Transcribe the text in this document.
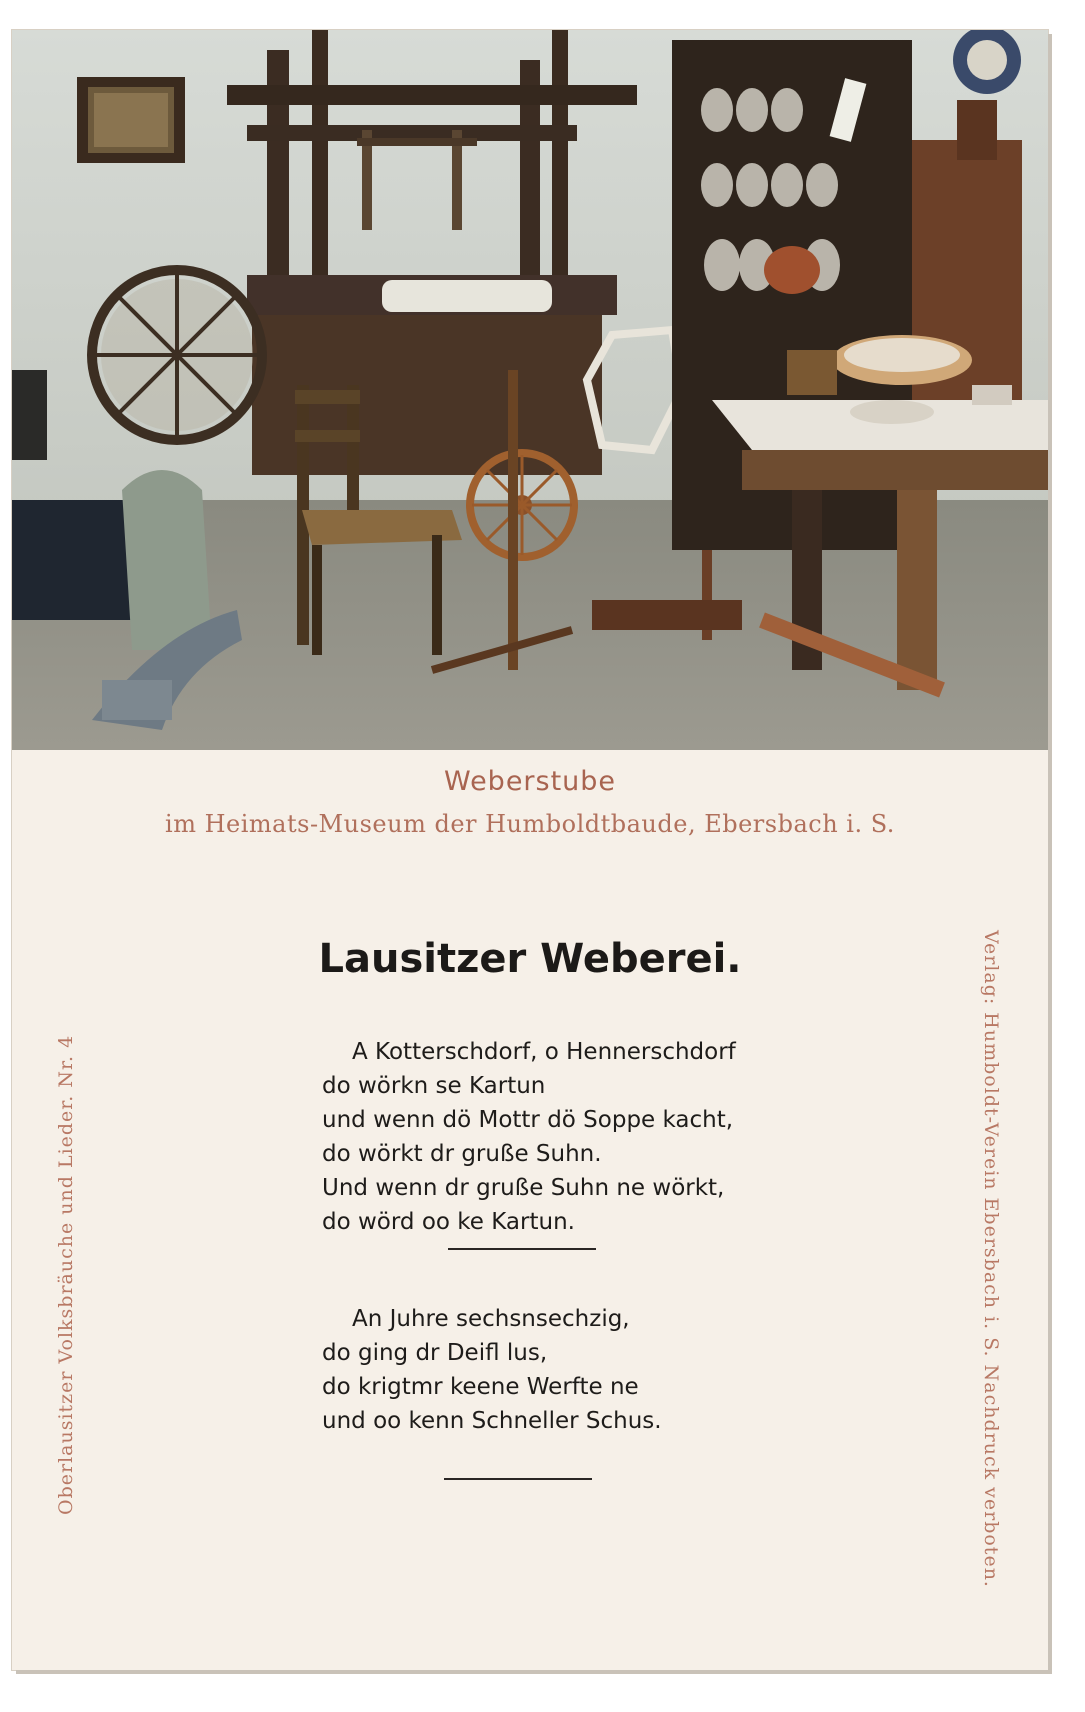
Weberstube
im Heimats-Museum der Humboldtbaude, Ebersbach i. S.
Lausitzer Weberei.
A Kotterschdorf, o Hennerschdorf
do wörkn se Kartun
und wenn dö Mottr dö Soppe kacht,
do wörkt dr gruße Suhn.
Und wenn dr gruße Suhn ne wörkt,
do wörd oo ke Kartun.
An Juhre sechsnsechzig,
do ging dr Deifl lus,
do krigtmr keene Werfte ne
und oo kenn Schneller Schus.
Oberlausitzer Volksbräuche und Lieder. Nr. 4	Verlag: Humboldt-Verein Ebersbach i. S. Nachdruck verboten.
